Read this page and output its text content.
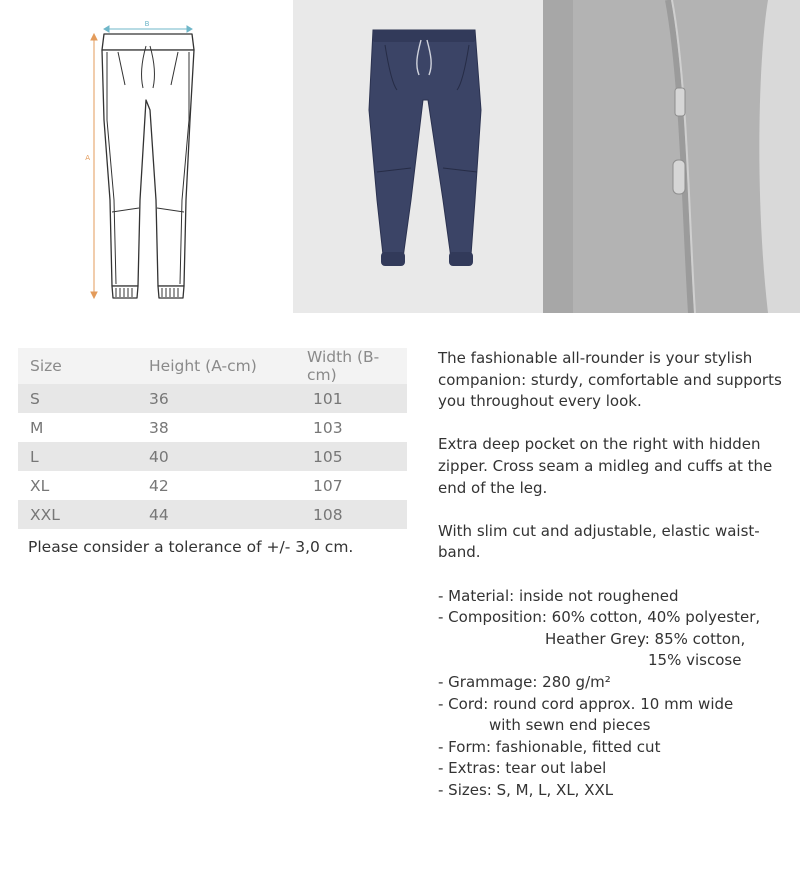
B
A
Size	Height (A-cm)	Width (B-cm)
S	36	101
M	38	103
L	40	105
XL	42	107
XXL	44	108

Please consider a tolerance of +/- 3,0 cm.

The fashionable all-rounder is your stylish companion: sturdy, comfortable and supports you throughout every look.

Extra deep pocket on the right with hidden zipper. Cross seam a midleg and cuffs at the end of the leg.

With slim cut and adjustable, elastic waist-band.

- Material: inside not roughened
- Composition: 60% cotton, 40% polyester,
Heather Grey: 85% cotton,
15% viscose
- Grammage: 280 g/m²
- Cord: round cord approx. 10 mm wide
with sewn end pieces
- Form: fashionable, fitted cut
- Extras: tear out label
- Sizes: S, M, L, XL, XXL
